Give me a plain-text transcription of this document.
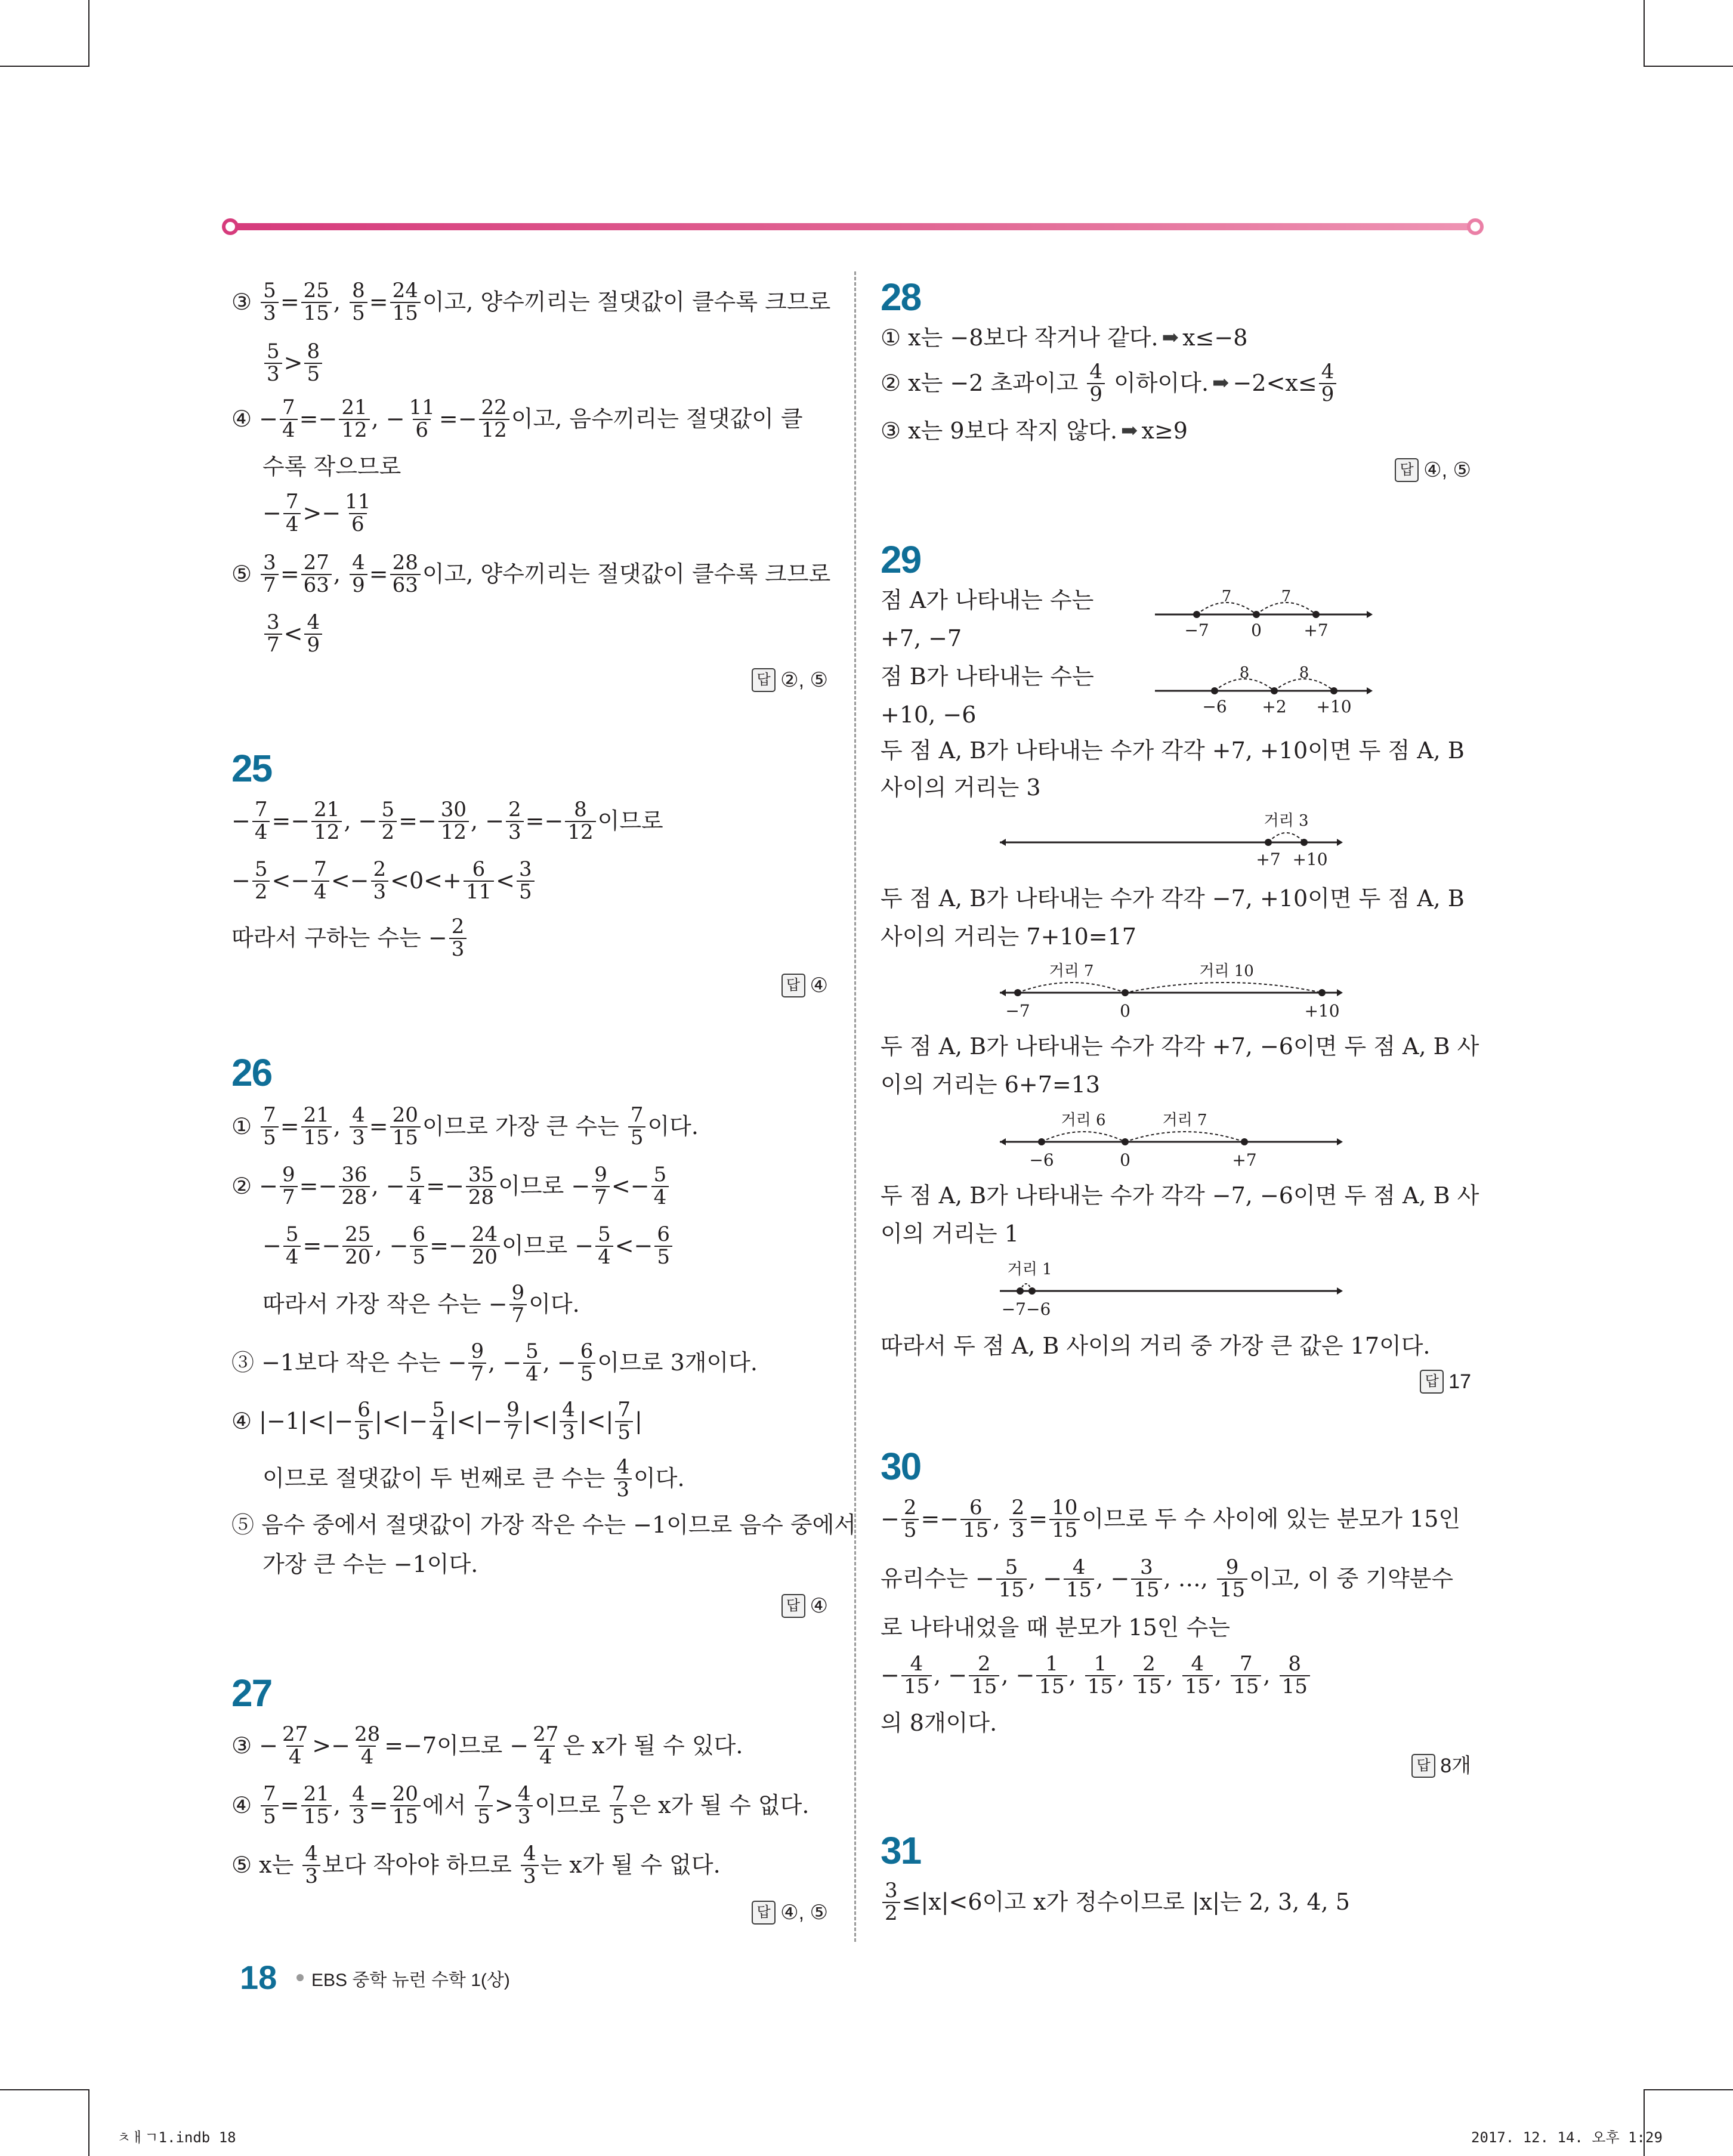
③
5
3 = 25
15 , 8
5 = 24
15 이고, 양수끼리는 절댓값이 클수록 크므로
5
3 > 8
5
④ − 7
4 =− 21
12 , − 11
6 =− 22
12 이고, 음수끼리는 절댓값이 클
수록 작으므로
− 7
4 > − 11
6
⑤
3
7 = 27
63 , 4
9 = 28
63 이고, 양수끼리는 절댓값이 클수록 크므로
3
7 < 4
9
답 ②, ⑤
25
− 7
4 =− 21
12 , − 5
2 =− 30
12 , − 2
3 =− 8
12 이므로
− 5
2 <− 7
4 <− 2
3 <0<+ 6
11 < 3
5
따라서 구하는 수는 − 2
3
답 ④
26
① 7
5 = 21
15 , 4
3 = 20
15 이므로 가장 큰 수는
7
5 이다.
② − 9
7 =− 36
28 , − 5
4 =− 35
28 이므로 − 9
7 <− 5
4
− 5
4 =− 25
20 , − 6
5 =− 24
20 이므로 − 5
4 <− 6
5
따라서 가장 작은 수는 − 9
7 이다.
③ −1보다 작은 수는 − 9
7 , − 5
4 , − 6
5 이므로 3개이다.
④ |−1|<|− 6
5 |<|− 5
4 |<|− 9
7 |<| 4
3 |<| 7
5 |
이므로 절댓값이 두 번째로 큰 수는
4
3 이다.
⑤ 음수 중에서 절댓값이 가장 작은 수는 −1이므로 음수 중에서
가장 큰 수는 −1이다.
답 ④
27
③ − 27
$4 >- \frac{28}{4} =-7$이므로 − 27
4 은 x가 될 수 있다.
④ 7
5 = 21
15 , 4
3 = 20
15 에서
7
5 > 4
3 이므로
7
5 은 x가 될 수 없다.
⑤ x는
4
3 보다 작아야 하므로
4
3 는 x가 될 수 없다.
답 ④, ⑤
28
① x는 −8보다 작거나 같다. ➡ x≤−8
② x는 −2 초과이고
4
9
이하이다. ➡ $-2<x\le \frac{4}{9}$
③ x는 9보다 작지 않다. ➡ x≥9
답 ④, ⑤
29
점 A가 나타내는 수는
+7, −7
점 B가 나타내는 수는
+10, −6
7	7
−7	0	+7
8	8
−6 +2 +10
두 점 A, B가 나타내는 수가 각각 +7, +10이면 두 점 A, B
사이의 거리는 3
거리 3
+7 +10
두 점 A, B가 나타내는 수가 각각 −7, +10이면 두 점 A, B
사이의 거리는 7+10=17
거리 7	거리 10
−7	0	+10
두 점 A, B가 나타내는 수가 각각 +7, −6이면 두 점 A, B 사
이의 거리는 6+7=13
거리 6	거리 7
−6	0	+7
두 점 A, B가 나타내는 수가 각각 −7, −6이면 두 점 A, B 사
이의 거리는 1
거리 1
−7−6
따라서 두 점 A, B 사이의 거리 중 가장 큰 값은 17이다.
답 17
30
− 2
5 =− 6
15 , 2
3 = 10
15 이므로 두 수 사이에 있는 분모가 15인
유리수는 − 5
15 , − 4
15 , − 3
15 , …, 9
15 이고, 이 중 기약분수
로 나타내었을 때 분모가 15인 수는
− 4
15 , − 2
15 , − 1
15 , 1
15 , 2
15 , 4
15 , 7
15 , 8
15
의 8개이다.
답 8개
31
$\frac{3}{2} \le|x|<6$이고 x가 정수이므로 |x|는 2, 3, 4, 5
18 EBS 중학 뉴런 수학 1(상)
ㅊㅐㄱ1.indb 18	2017. 12. 14. 오후 1:29
